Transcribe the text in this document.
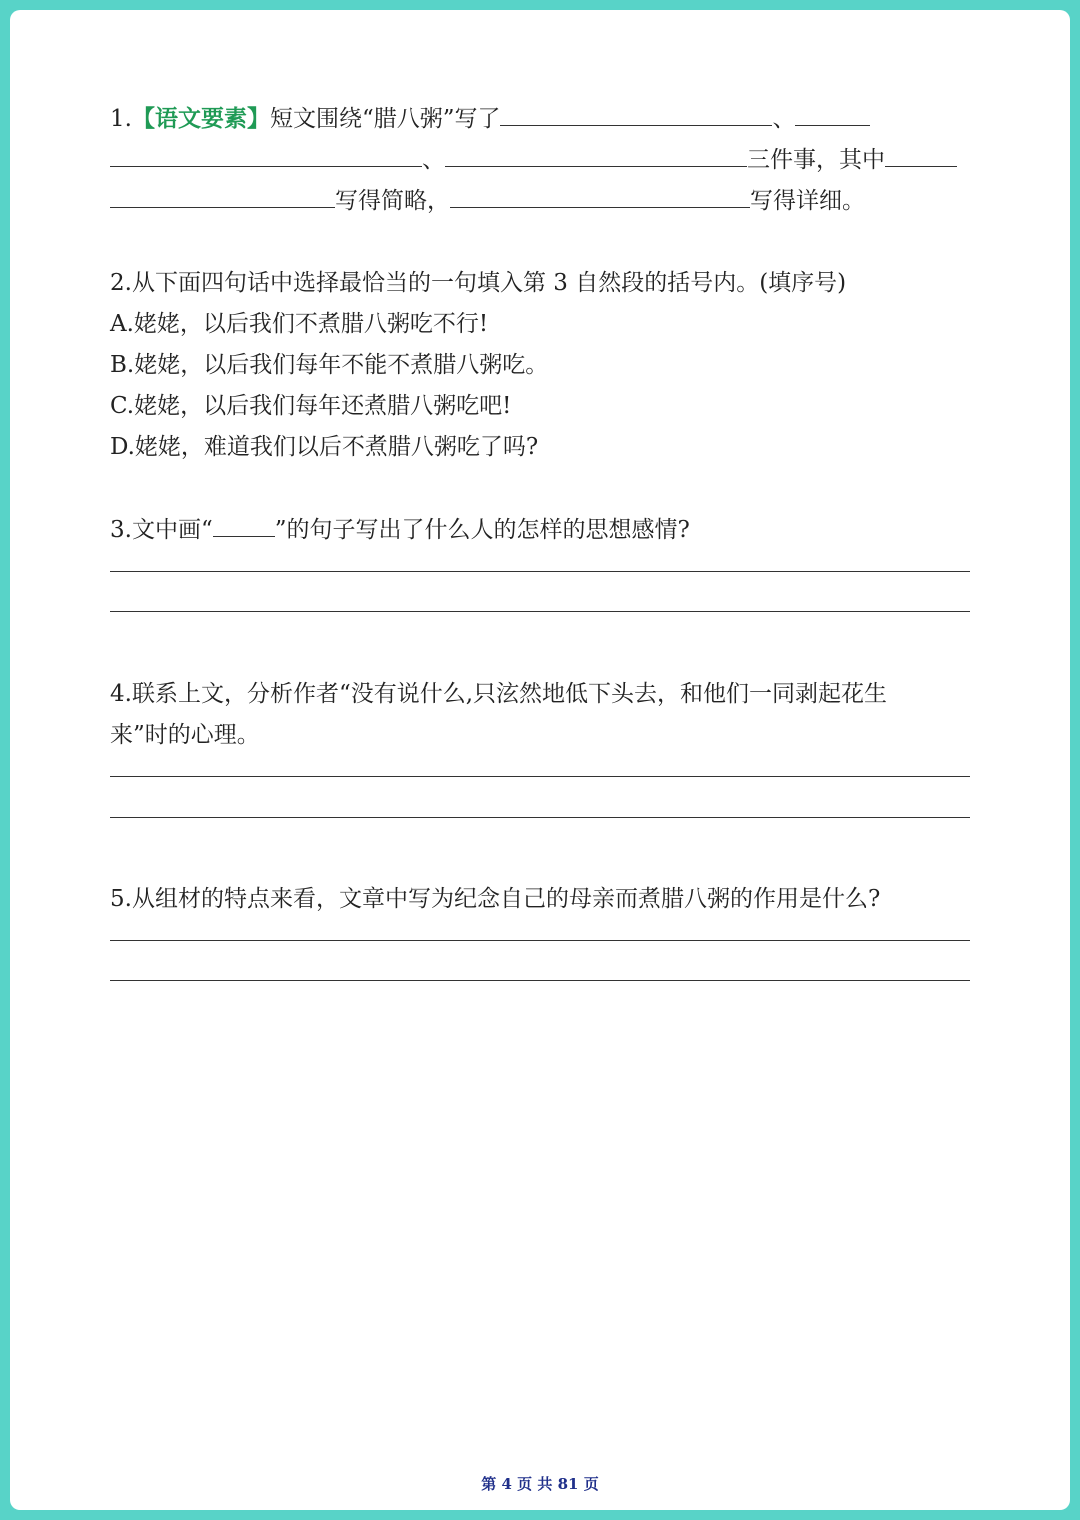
1.【语文要素】短文围绕“腊八粥”写了	、
、	三件事，其中
写得简略，	写得详细。
2.从下面四句话中选择最恰当的一句填入第 3 自然段的括号内。(填序号)
A.姥姥，以后我们不煮腊八粥吃不行!
B.姥姥，以后我们每年不能不煮腊八粥吃。
C.姥姥，以后我们每年还煮腊八粥吃吧!
D.姥姥，难道我们以后不煮腊八粥吃了吗?
3.文中画“	”的句子写出了什么人的怎样的思想感情?
4.联系上文，分析作者“没有说什么,只泫然地低下头去，和他们一同剥起花生
来”时的心理。
5.从组材的特点来看，文章中写为纪念自己的母亲而煮腊八粥的作用是什么?
第 4 页 共 81 页
